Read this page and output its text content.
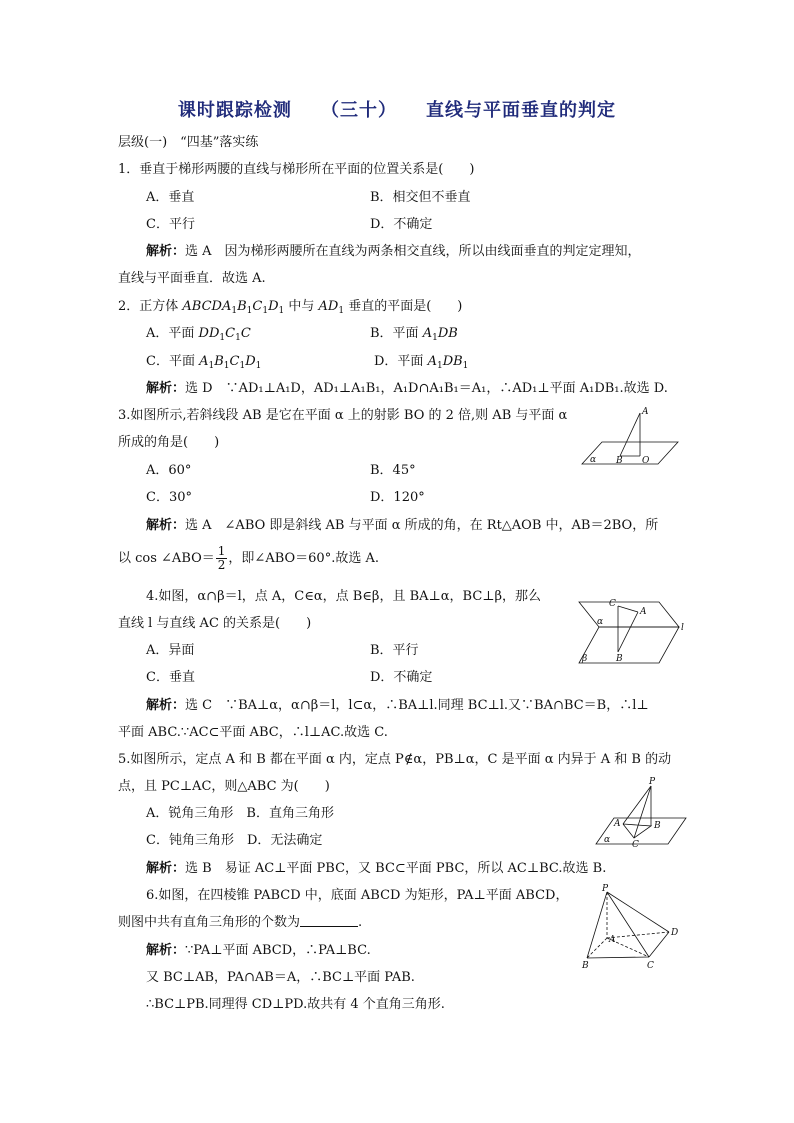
课时跟踪检测    （三十）    直线与平面垂直的判定
层级(一)　“四基”落实练
1．垂直于梯形两腰的直线与梯形所在平面的位置关系是(　　)
A．垂直	B．相交但不垂直
C．平行	D．不确定
解析：选 A　因为梯形两腰所在直线为两条相交直线，所以由线面垂直的判定定理知，
直线与平面垂直．故选 A.
2．正方体 $ABCDA_1B_1C_1D_1$ 中与 $AD_1$ 垂直的平面是(　　)
A．平面 $DD_1C_1C$	B．平面 $A_1DB$
C．平面 $A_1B_1C_1D_1$	D．平面 $A_1DB_1$
解析：选 D　∵AD₁⊥A₁D，AD₁⊥A₁B₁，A₁D∩A₁B₁＝A₁，∴AD₁⊥平面 A₁DB₁.故选 D.
3.如图所示,若斜线段 AB 是它在平面 α 上的射影 BO 的 2 倍,则 AB 与平面 α
所成的角是(　　)
A．60°	B．45°
C．30°	D．120°
解析：选 A　∠ABO 即是斜线 AB 与平面 α 所成的角，在 Rt△AOB 中，AB＝2BO，所
以 cos ∠ABO＝ $\frac{1}{2}$ ，即∠ABO＝60°.故选 A.
A
B O
α
4.如图，α∩β＝l，点 A，C∈α，点 B∈β，且 BA⊥α，BC⊥β，那么
直线 l 与直线 AC 的关系是(　　)
A．异面	B．平行
C．垂直	D．不确定
解析：选 C　∵BA⊥α，α∩β＝l，l⊂α，∴BA⊥l.同理 BC⊥l.又∵BA∩BC＝B，∴l⊥
平面 ABC.∵AC⊂平面 ABC，∴l⊥AC.故选 C.
C
A
B
α
β
l
5.如图所示，定点 A 和 B 都在平面 α 内，定点 P∉α，PB⊥α，C 是平面 α 内异于 A 和 B 的动
点，且 PC⊥AC，则△ABC 为(　　)
A．锐角三角形　B．直角三角形
C．钝角三角形　D．无法确定
解析：选 B　易证 AC⊥平面 PBC，又 BC⊂平面 PBC，所以 AC⊥BC.故选 B.
P
A	B
C
α
6.如图，在四棱锥 PABCD 中，底面 ABCD 为矩形，PA⊥平面 ABCD，
则图中共有直角三角形的个数为	.
解析：∵PA⊥平面 ABCD，∴PA⊥BC.
又 BC⊥AB，PA∩AB＝A，∴BC⊥平面 PAB.
∴BC⊥PB.同理得 CD⊥PD.故共有 4 个直角三角形.
P
A
B	C
D
